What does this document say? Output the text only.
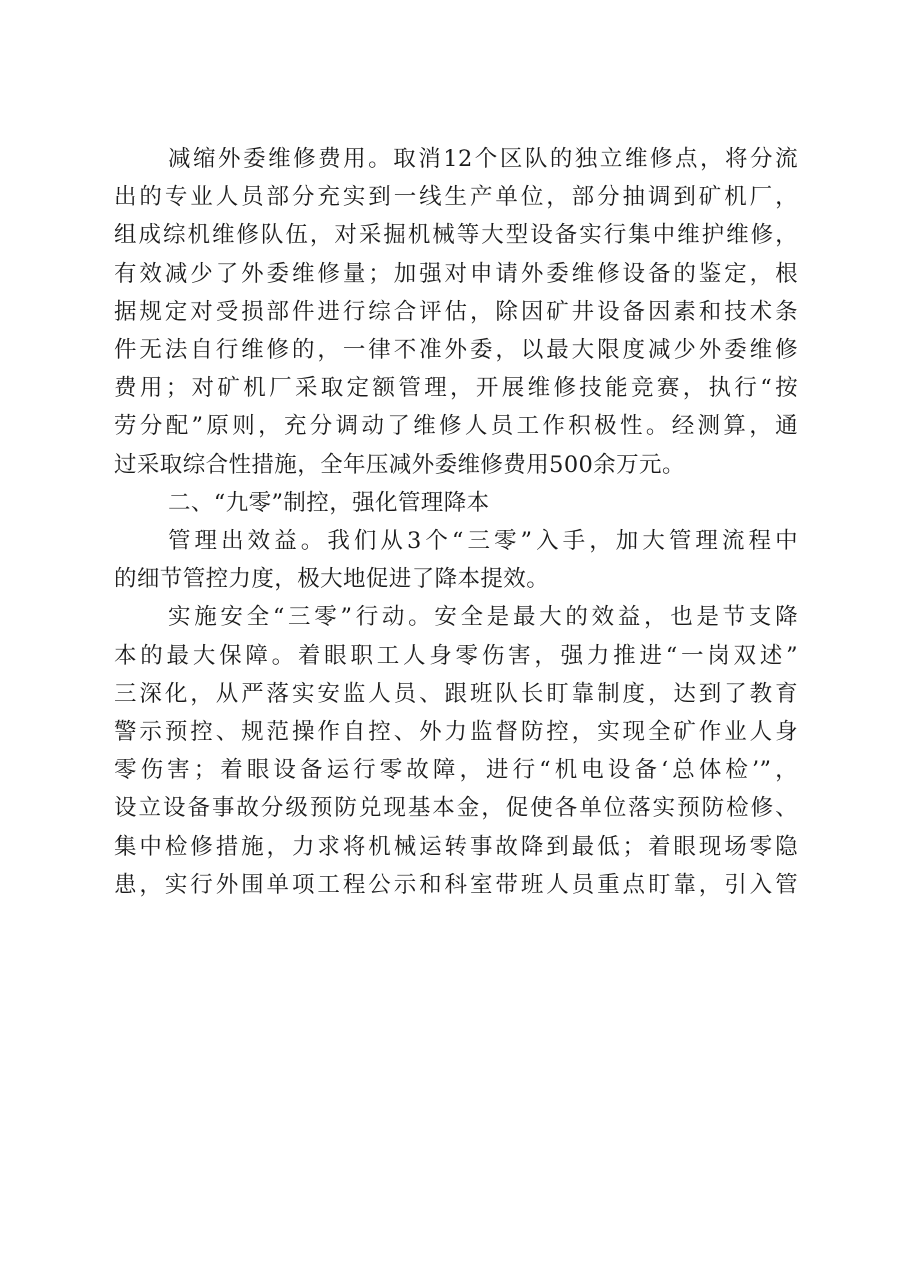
减缩外委维修费用。取消12个区队的独立维修点，将分流
出的专业人员部分充实到一线生产单位，部分抽调到矿机厂，
组成综机维修队伍，对采掘机械等大型设备实行集中维护维修，
有效减少了外委维修量；加强对申请外委维修设备的鉴定，根
据规定对受损部件进行综合评估，除因矿井设备因素和技术条
件无法自行维修的，一律不准外委，以最大限度减少外委维修
费用；对矿机厂采取定额管理，开展维修技能竞赛，执行“按
劳分配”原则，充分调动了维修人员工作积极性。经测算，通
过采取综合性措施，全年压减外委维修费用500余万元。
二、“九零”制控，强化管理降本
管理出效益。我们从3个“三零”入手，加大管理流程中
的细节管控力度，极大地促进了降本提效。
实施安全“三零”行动。安全是最大的效益，也是节支降
本的最大保障。着眼职工人身零伤害，强力推进“一岗双述”
三深化，从严落实安监人员、跟班队长盯靠制度，达到了教育
警示预控、规范操作自控、外力监督防控，实现全矿作业人身
零伤害；着眼设备运行零故障，进行“机电设备‘总体检’”，
设立设备事故分级预防兑现基本金，促使各单位落实预防检修、
集中检修措施，力求将机械运转事故降到最低；着眼现场零隐
患，实行外围单项工程公示和科室带班人员重点盯靠，引入管
